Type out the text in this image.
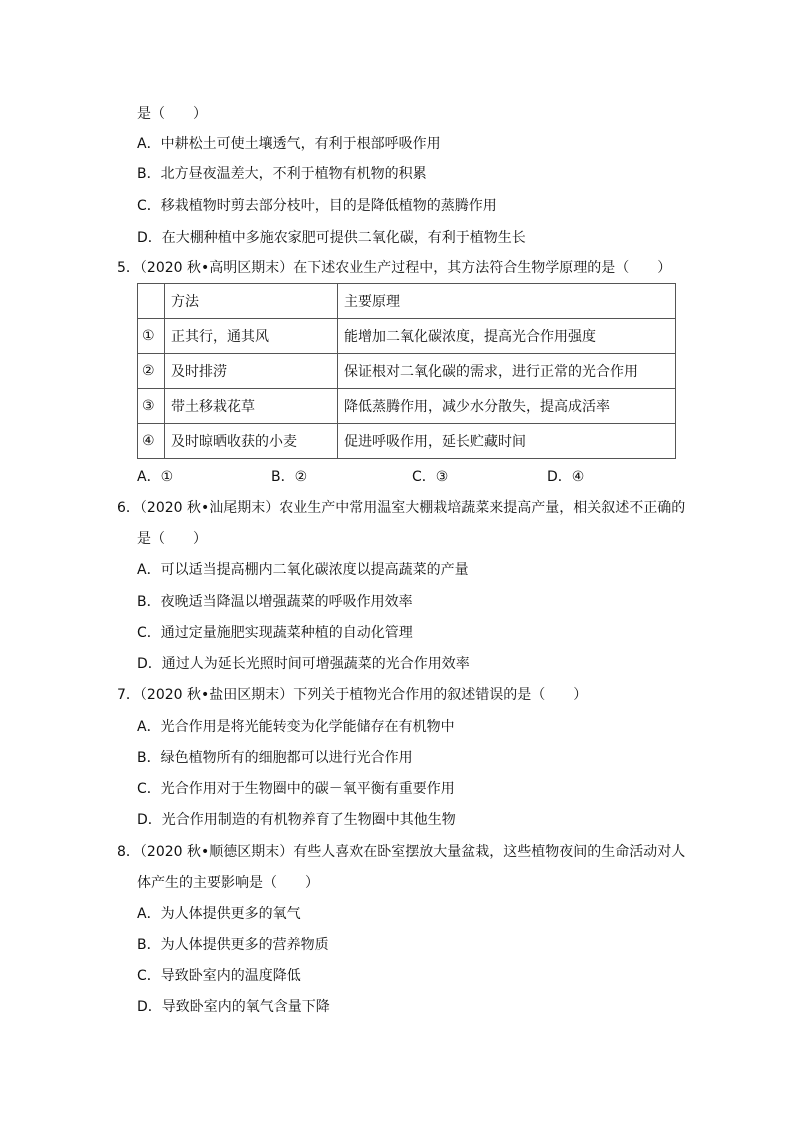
是（　　）
A．中耕松土可使土壤透气，有利于根部呼吸作用
B．北方昼夜温差大，不利于植物有机物的积累
C．移栽植物时剪去部分枝叶，目的是降低植物的蒸腾作用
D．在大棚种植中多施农家肥可提供二氧化碳，有利于植物生长
5．（2020 秋•高明区期末）在下述农业生产过程中，其方法符合生物学原理的是（　　）
	方法	主要原理
①	正其行，通其风	能增加二氧化碳浓度，提高光合作用强度
②	及时排涝	保证根对二氧化碳的需求，进行正常的光合作用
③	带土移栽花草	降低蒸腾作用，减少水分散失，提高成活率
④	及时晾晒收获的小麦	促进呼吸作用，延长贮藏时间
A．①	B．②	C．③	D．④
6．（2020 秋•汕尾期末）农业生产中常用温室大棚栽培蔬菜来提高产量，相关叙述不正确的
是（　　）
A．可以适当提高棚内二氧化碳浓度以提高蔬菜的产量
B．夜晚适当降温以增强蔬菜的呼吸作用效率
C．通过定量施肥实现蔬菜种植的自动化管理
D．通过人为延长光照时间可增强蔬菜的光合作用效率
7．（2020 秋•盐田区期末）下列关于植物光合作用的叙述错误的是（　　）
A．光合作用是将光能转变为化学能储存在有机物中
B．绿色植物所有的细胞都可以进行光合作用
C．光合作用对于生物圈中的碳－氧平衡有重要作用
D．光合作用制造的有机物养育了生物圈中其他生物
8．（2020 秋•顺德区期末）有些人喜欢在卧室摆放大量盆栽，这些植物夜间的生命活动对人
体产生的主要影响是（　　）
A．为人体提供更多的氧气
B．为人体提供更多的营养物质
C．导致卧室内的温度降低
D．导致卧室内的氧气含量下降
